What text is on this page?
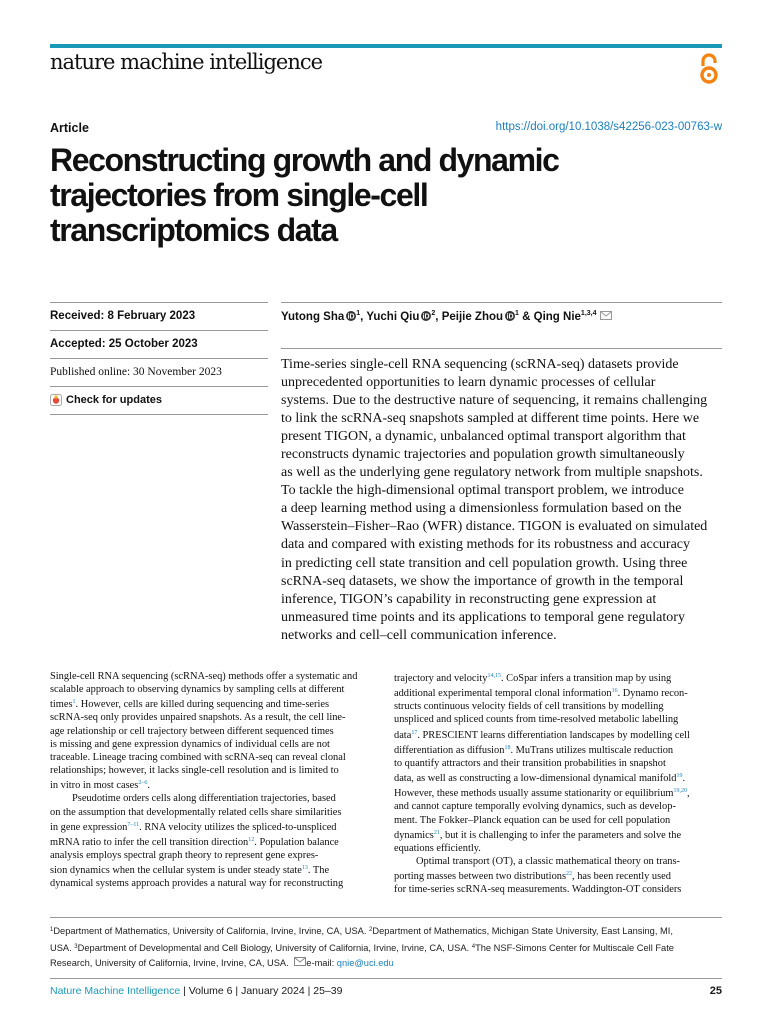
nature machine intelligence
Article	https://doi.org/10.1038/s42256-023-00763-w
Reconstructing growth and dynamic
trajectories from single-cell
transcriptomics data
Received: 8 February 2023
Accepted: 25 October 2023
Published online: 30 November 2023
Check for updates
Yutong Sha iD $^1$, Yuchi Qiu iD $^2$, Peijie Zhou iD $^1$ & Qing Nie$^{1,3,4}$
Time-series single-cell RNA sequencing (scRNA-seq) datasets provide
unprecedented opportunities to learn dynamic processes of cellular
systems. Due to the destructive nature of sequencing, it remains challenging
to link the scRNA-seq snapshots sampled at different time points. Here we
present TIGON, a dynamic, unbalanced optimal transport algorithm that
reconstructs dynamic trajectories and population growth simultaneously
as well as the underlying gene regulatory network from multiple snapshots.
To tackle the high-dimensional optimal transport problem, we introduce
a deep learning method using a dimensionless formulation based on the
Wasserstein–Fisher–Rao (WFR) distance. TIGON is evaluated on simulated
data and compared with existing methods for its robustness and accuracy
in predicting cell state transition and cell population growth. Using three
scRNA-seq datasets, we show the importance of growth in the temporal
inference, TIGON’s capability in reconstructing gene expression at
unmeasured time points and its applications to temporal gene regulatory
networks and cell–cell communication inference.
Single-cell RNA sequencing (scRNA-seq) methods offer a systematic and
scalable approach to observing dynamics by sampling cells at different
times$^1$. However, cells are killed during sequencing and time-series
scRNA-seq only provides unpaired snapshots. As a result, the cell line-
age relationship or cell trajectory between different sequenced times
is missing and gene expression dynamics of individual cells are not
traceable. Lineage tracing combined with scRNA-seq can reveal clonal
relationships; however, it lacks single-cell resolution and is limited to
in vitro in most cases$^{2-6}$.
Pseudotime orders cells along differentiation trajectories, based
on the assumption that developmentally related cells share similarities
in gene expression$^{7-11}$. RNA velocity utilizes the spliced-to-unspliced
mRNA ratio to infer the cell transition direction$^{12}$. Population balance
analysis employs spectral graph theory to represent gene expres-
sion dynamics when the cellular system is under steady state$^{13}$. The
dynamical systems approach provides a natural way for reconstructing
trajectory and velocity$^{14,15}$. CoSpar infers a transition map by using
additional experimental temporal clonal information$^{16}$. Dynamo recon-
structs continuous velocity fields of cell transitions by modelling
unspliced and spliced counts from time-resolved metabolic labelling
data$^{17}$. PRESCIENT learns differentiation landscapes by modelling cell
differentiation as diffusion$^{18}$. MuTrans utilizes multiscale reduction
to quantify attractors and their transition probabilities in snapshot
data, as well as constructing a low-dimensional dynamical manifold$^{19}$.
However, these methods usually assume stationarity or equilibrium$^{19,20}$,
and cannot capture temporally evolving dynamics, such as develop-
ment. The Fokker–Planck equation can be used for cell population
dynamics$^{21}$, but it is challenging to infer the parameters and solve the
equations efficiently.
Optimal transport (OT), a classic mathematical theory on trans-
porting masses between two distributions$^{22}$, has been recently used
for time-series scRNA-seq measurements. Waddington-OT considers
$^1$Department of Mathematics, University of California, Irvine, Irvine, CA, USA. $^2$Department of Mathematics, Michigan State University, East Lansing, MI,
USA. $^3$Department of Developmental and Cell Biology, University of California, Irvine, Irvine, CA, USA. $^4$The NSF-Simons Center for Multiscale Cell Fate
Research, University of California, Irvine, Irvine, CA, USA. e-mail: qnie@uci.edu
Nature Machine Intelligence | Volume 6 | January 2024 | 25–39	25
